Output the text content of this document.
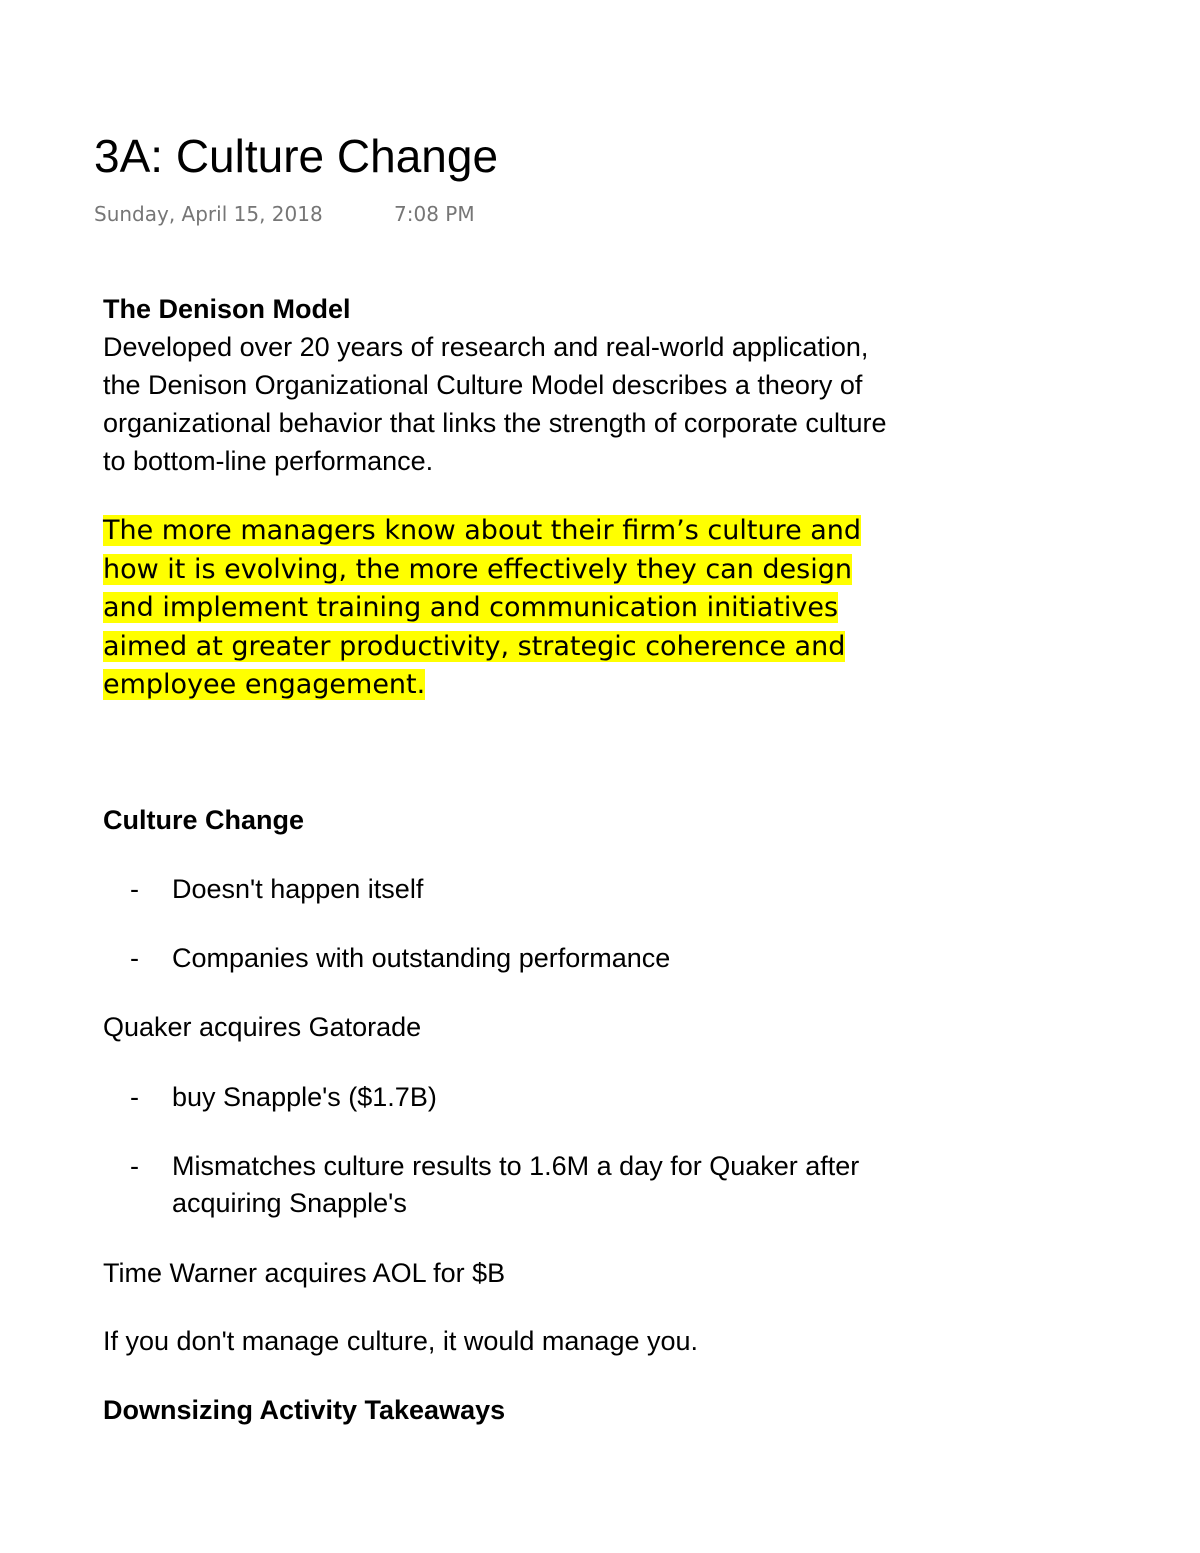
3A: Culture Change
Sunday, April 15, 2018	7:08 PM
The Denison Model
Developed over 20 years of research and real-world application,
the Denison Organizational Culture Model describes a theory of
organizational behavior that links the strength of corporate culture
to bottom-line performance.
The more managers know about their firm’s culture and
how it is evolving, the more effectively they can design
and implement training and communication initiatives
aimed at greater productivity, strategic coherence and
employee engagement.
Culture Change
- Doesn't happen itself
- Companies with outstanding performance
Quaker acquires Gatorade
- buy Snapple's ($1.7B)
- Mismatches culture results to 1.6M a day for Quaker after
acquiring Snapple's
Time Warner acquires AOL for $B
If you don't manage culture, it would manage you.
Downsizing Activity Takeaways
